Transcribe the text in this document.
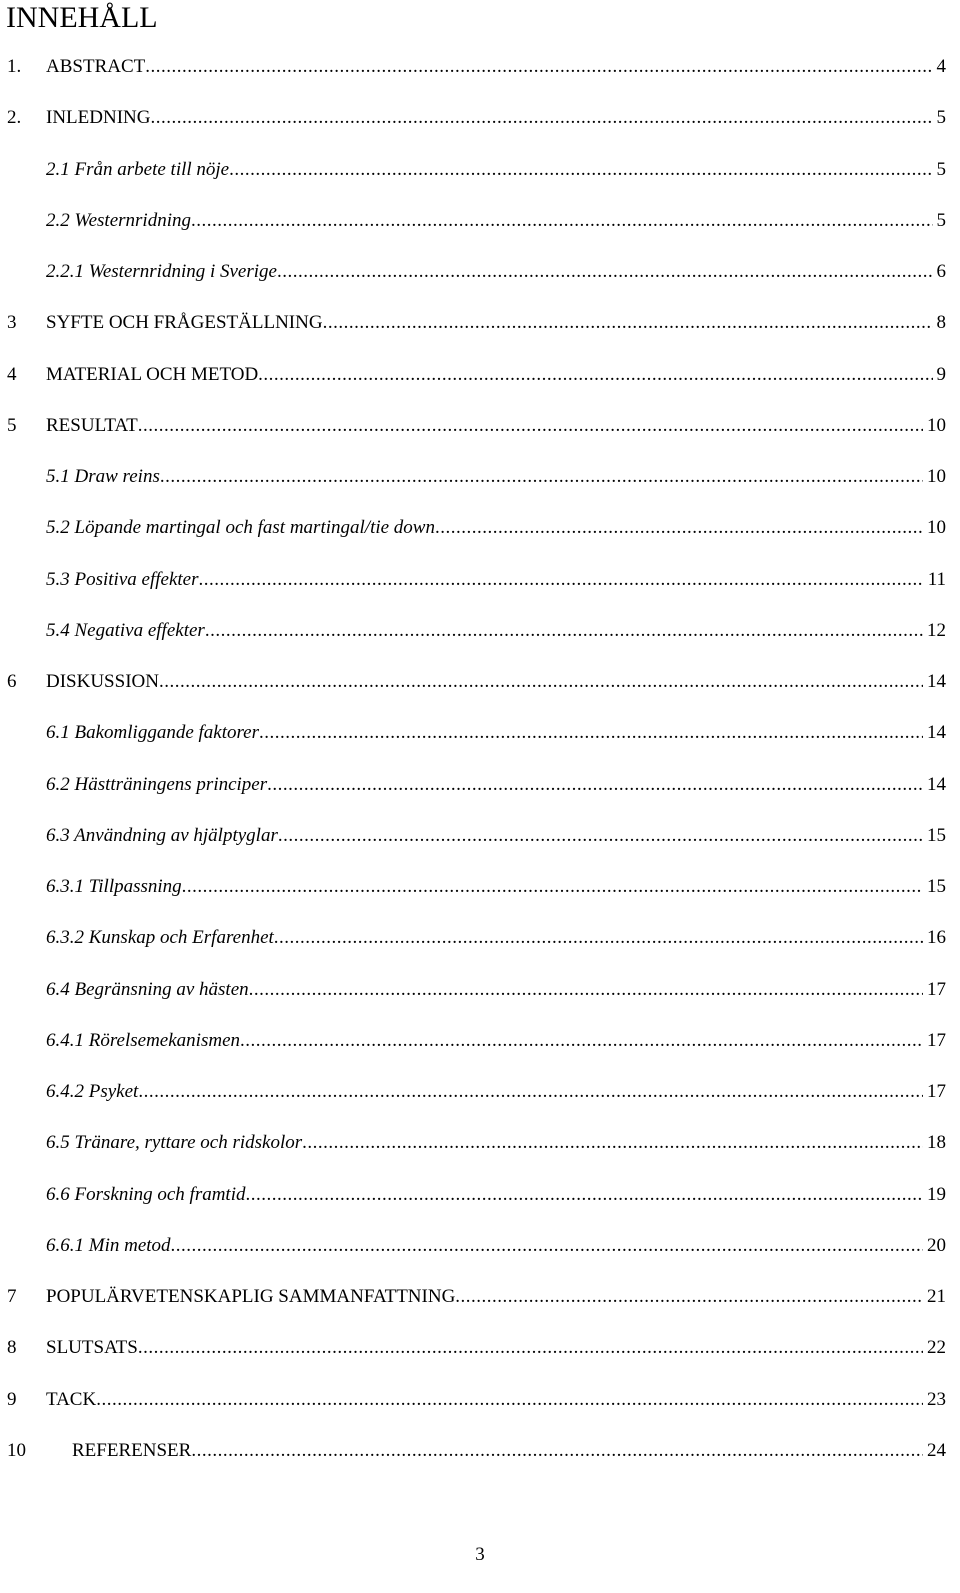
INNEHÅLL
1. ABSTRACT .....	4
2. INLEDNING .....	5
2.1 Från arbete till nöje .....	5
2.2 Westernridning .....	5
2.2.1 Westernridning i Sverige .....	6
3 SYFTE OCH FRÅGESTÄLLNING .....	8
4 MATERIAL OCH METOD .....	9
5 RESULTAT .....	10
5.1 Draw reins .....	10
5.2 Löpande martingal och fast martingal/tie down .....	10
5.3 Positiva effekter .....	11
5.4 Negativa effekter .....	12
6 DISKUSSION .....	14
6.1 Bakomliggande faktorer .....	14
6.2 Hästträningens principer .....	14
6.3 Användning av hjälptyglar .....	15
6.3.1 Tillpassning .....	15
6.3.2 Kunskap och Erfarenhet .....	16
6.4 Begränsning av hästen .....	17
6.4.1 Rörelsemekanismen .....	17
6.4.2 Psyket .....	17
6.5 Tränare, ryttare och ridskolor .....	18
6.6 Forskning och framtid .....	19
6.6.1 Min metod .....	20
7 POPULÄRVETENSKAPLIG SAMMANFATTNING .....	21
8 SLUTSATS .....	22
9 TACK .....	23
10 REFERENSER .....	24
3
